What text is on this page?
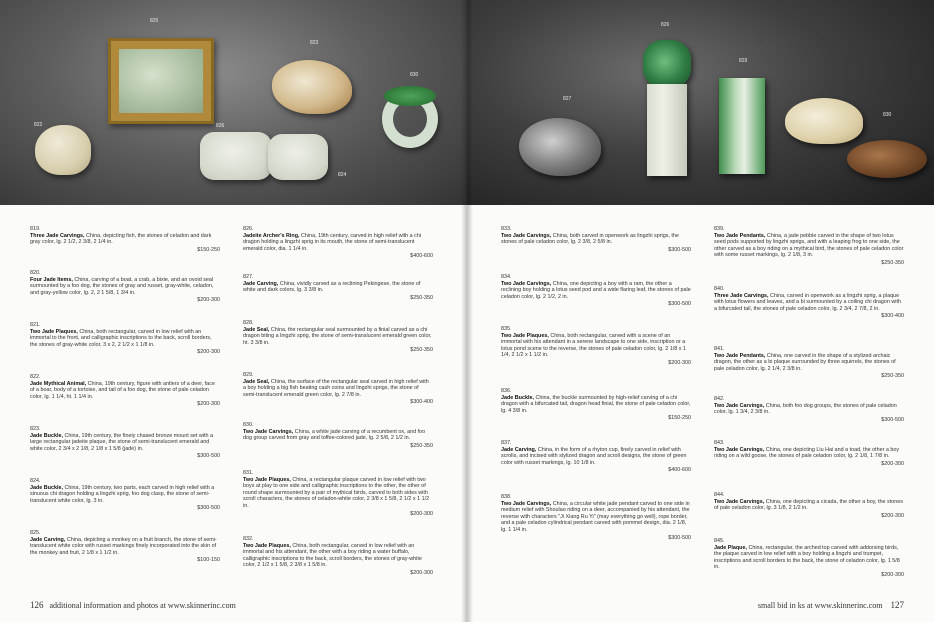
825
823
830
822	826
824
819.
Three Jade Carvings, China, depicting fish, the stones of celadon and dark gray color, lg. 2 1/2, 2 3/8, 2 1/4 in.
$150-250
820.
Four Jade Items, China, carving of a boat, a crab, a bixie, and an ovoid seal surmounted by a foo dog, the stones of gray and russet, gray-white, celadon, and gray-yellow color, lg. 2, 2 1 5/8, 1 3/4 in.
$200-300
821.
Two Jade Plaques, China, both rectangular, carved in low relief with an immortal to the front, and calligraphic inscriptions to the back, scroll borders, the stones of gray-white color, 3 x 2, 2 1/2 x 1 1/8 in.
$200-300
822.
Jade Mythical Animal, China, 19th century, figure with antlers of a deer, face of a boar, body of a tortoise, and tail of a foo dog, the stone of pale celadon color, lg. 1 1/4, ht. 1 1/4 in.
$200-300
823.
Jade Buckle, China, 19th century, the finely chased bronze mount set with a large rectangular jadeite plaque, the stone of semi-translucent emerald and white color, 2 3/4 x 2 1/8, 2 1/8 x 1 5/8 (jade) in.
$300-500
824.
Jade Buckle, China, 19th century, two parts, each carved in high relief with a sinuous chi dragon holding a lingzhi sprig, foo dog clasp, the stone of semi-translucent white color, lg. 3 in.
$300-500
825.
Jade Carving, China, depicting a monkey on a fruit branch, the stone of semi-translucent white color with russet markings finely incorporated into the skin of the monkey and fruit, 2 1/8 x 1 1/2 in.
$100-150
826.
Jadeite Archer's Ring, China, 19th century, carved in high relief with a chi dragon holding a lingzhi sprig in its mouth, the stone of semi-translucent emerald color, dia. 1 1/4 in.
$400-600
827.
Jade Carving, China, vividly carved as a reclining Pekingese, the stone of white and dark colors, lg. 3 3/8 in.
$250-350
828.
Jade Seal, China, the rectangular seal surmounted by a finial carved as a chi dragon biting a lingzhi sprig, the stone of semi-translucent emerald green color, ht. 3 3/8 in.
$250-350
829.
Jade Seal, China, the surface of the rectangular seal carved in high relief with a boy holding a big fish beating cash coins and lingzhi sprigs, the stone of semi-translucent emerald green color, lg. 2 7/8 in.
$300-400
830.
Two Jade Carvings, China, a white jade carving of a recumbent ox, and foo dog group carved from gray and toffee-colored jade, lg. 2 5/8, 2 1/2 in.
$250-350
831.
Two Jade Plaques, China, a rectangular plaque carved in low relief with two boys at play to one side and calligraphic inscriptions to the other, the other of round shape surmounted by a pair of mythical birds, carved to both sides with scroll characters, the stones of celadon-white color, 2 3/8 x 1 5/8, 2 1/2 x 1 1/2 in.
$200-300
832.
Two Jade Plaques, China, both rectangular, carved in low relief with an immortal and his attendant, the other with a boy riding a water buffalo, calligraphic inscriptions to the back, scroll borders, the stones of gray-white color, 2 1/2 x 1 5/8, 2 3/8 x 1 5/8 in.
$200-300
126 additional information and photos at www.skinnerinc.com
826
827
829
830
833.
Two Jade Carvings, China, both carved in openwork as lingzhi sprigs, the stones of pale celadon color, lg. 2 3/8, 2 5/8 in.
$300-500
834.
Two Jade Carvings, China, one depicting a boy with a ram, the other a reclining boy holding a lotus seed pod and a wide flaring leaf, the stones of pale celadon color, lg. 2 1/2, 2 in.
$300-500
835.
Two Jade Plaques, China, both rectangular, carved with a scene of an immortal with his attendant in a serene landscape to one side, inscription or a lotus pond scene to the reverse, the stones of pale celadon color, lg. 2 1/8 x 1 1/4, 2 1/2 x 1 1/2 in.
$200-300
836.
Jade Buckle, China, the buckle surmounted by high-relief carving of a chi dragon with a bifurcated tail, dragon head finial, the stone of pale celadon color, lg. 4 3/8 in.
$150-250
837.
Jade Carving, China, in the form of a rhyton cup, finely carved in relief with scrolls, and incised with stylized dragon and scroll designs, the stone of green color with russet markings, lg. 10 1/8 in.
$400-600
838.
Two Jade Carvings, China, a circular white jade pendant carved to one side in medium relief with Shoulao riding on a deer, accompanied by his attendant, the reverse with characters "Ji Xiang Ru Yi" (may everything go well), rope border, and a pale celadon cylindrical pendant carved with pommel design, dia. 2 1/8, lg. 1 1/4 in.
$300-500
839.
Two Jade Pendants, China, a jade pebble carved in the shape of two lotus seed pods supported by lingzhi sprigs, and with a leaping frog to one side, the other carved as a boy riding on a mythical bird, the stones of pale celadon color with some russet markings, lg. 2 1/8, 3 in.
$250-350
840.
Three Jade Carvings, China, carved in openwork as a lingzhi sprig, a plaque with lotus flowers and leaves, and a bi surmounted by a coiling chi dragon with a bifurcated tail, the stones of pale celadon color, lg. 2 3/4, 2 7/8, 2 in.
$300-400
841.
Two Jade Pendants, China, one carved in the shape of a stylized archaic dragon, the other as a bi plaque surrounded by three squirrels, the stones of pale celadon color, lg. 2 1/4, 2 3/8 in.
$250-350
842.
Two Jade Carvings, China, both foo dog groups, the stones of pale celadon color, lg. 1 3/4, 2 3/8 in.
$300-500
843.
Two Jade Carvings, China, one depicting Liu Hai and a toad, the other a boy riding on a wild goose, the stones of pale celadon color, lg. 2 1/8, 1 7/8 in.
$200-300
844.
Two Jade Carvings, China, one depicting a cicada, the other a boy, the stones of pale celadon color, lg. 3 1/8, 2 1/2 in.
$200-300
845.
Jade Plaque, China, rectangular, the arched top carved with addorsing birds, the plaque carved in low relief with a boy holding a lingzhi and trumpet, inscriptions and scroll borders to the back, the stone of celadon color, lg. 1 5/8 in.
$200-300
small bid in ks at www.skinnerinc.com 127
